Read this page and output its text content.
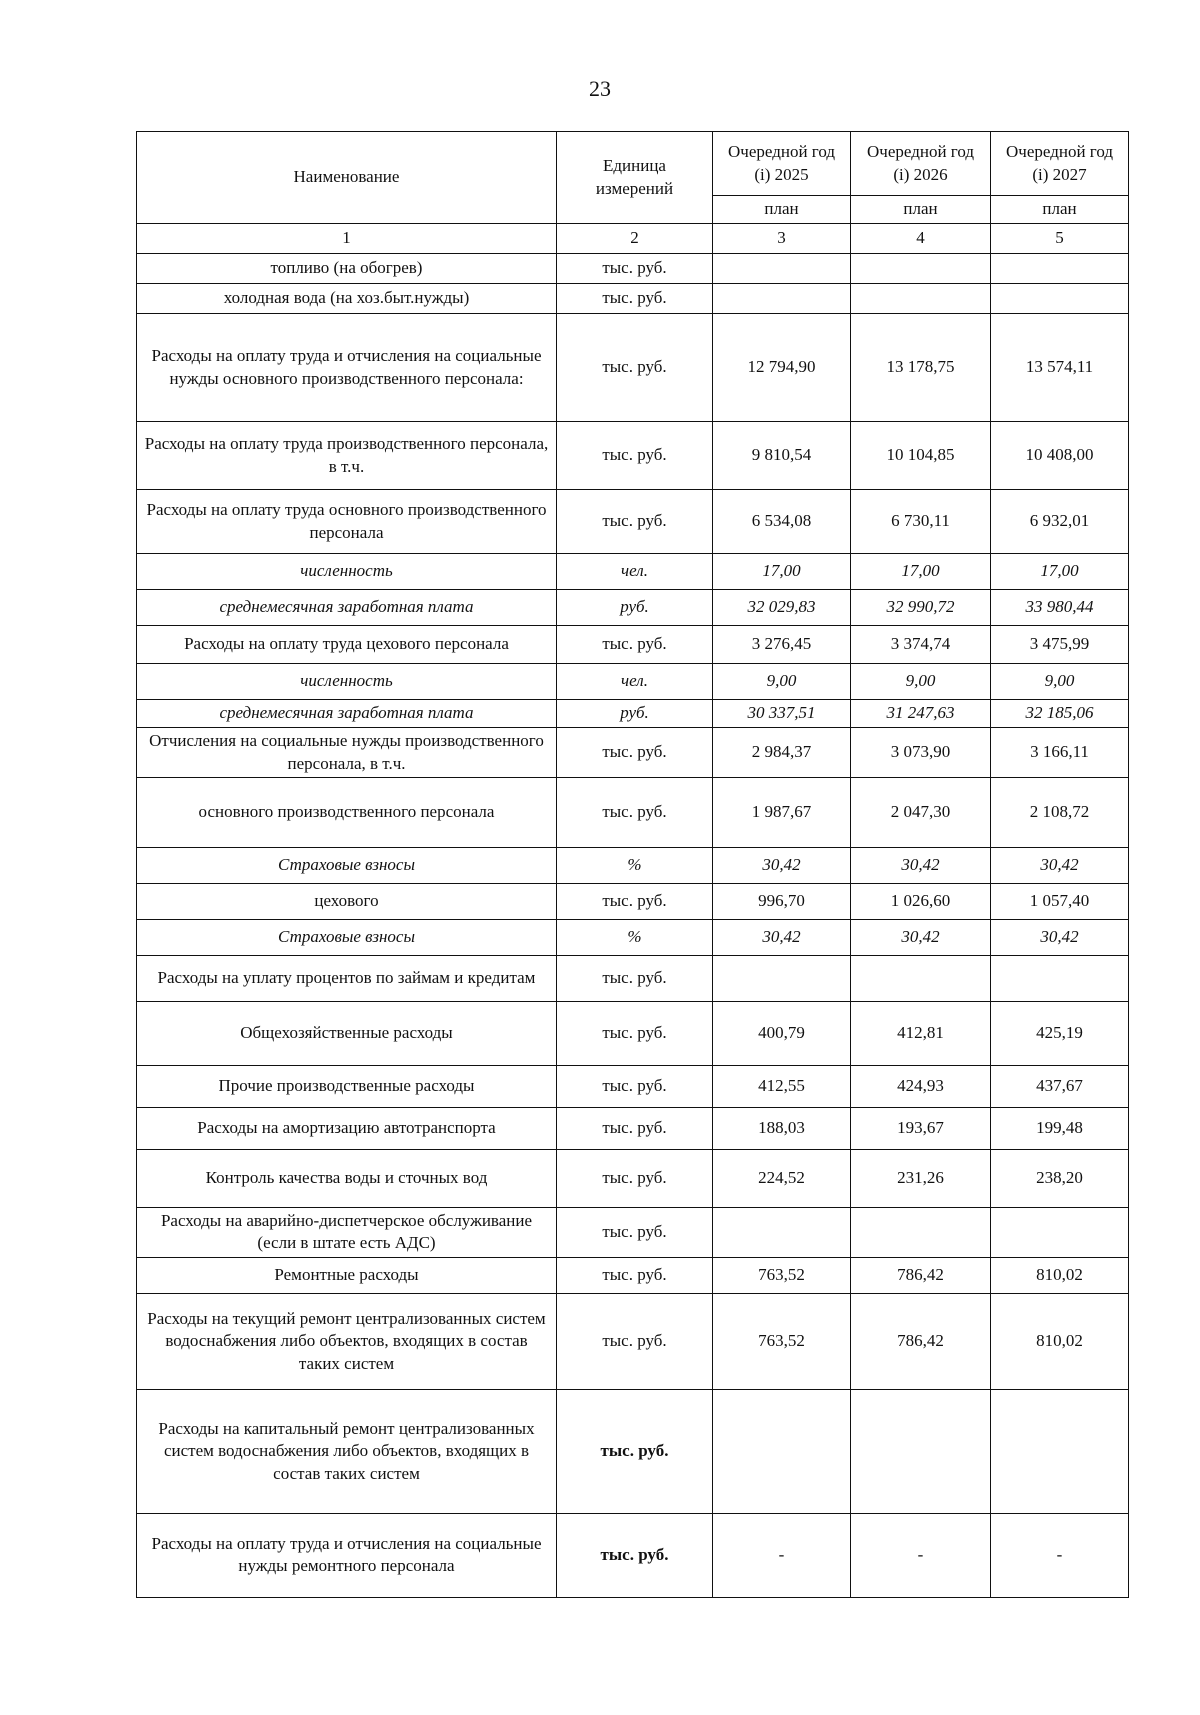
23
Наименование	Единица измерений	Очередной год (i) 2025	Очередной год (i) 2026	Очередной год (i) 2027
		план	план	план
1	2	3	4	5
топливо (на обогрев)	тыс. руб.			
холодная вода (на хоз.быт.нужды)	тыс. руб.			
Расходы на оплату труда и отчисления на социальные нужды основного производственного персонала:	тыс. руб.	12 794,90	13 178,75	13 574,11
Расходы на оплату труда производственного персонала, в т.ч.	тыс. руб.	9 810,54	10 104,85	10 408,00
Расходы на оплату труда основного производственного персонала	тыс. руб.	6 534,08	6 730,11	6 932,01
численность	чел.	17,00	17,00	17,00
среднемесячная заработная плата	руб.	32 029,83	32 990,72	33 980,44
Расходы на оплату труда цехового персонала	тыс. руб.	3 276,45	3 374,74	3 475,99
численность	чел.	9,00	9,00	9,00
среднемесячная заработная плата	руб.	30 337,51	31 247,63	32 185,06
Отчисления на социальные нужды производственного персонала, в т.ч.	тыс. руб.	2 984,37	3 073,90	3 166,11
основного производственного персонала	тыс. руб.	1 987,67	2 047,30	2 108,72
Страховые взносы	%	30,42	30,42	30,42
цехового	тыс. руб.	996,70	1 026,60	1 057,40
Страховые взносы	%	30,42	30,42	30,42
Расходы на уплату процентов по займам и кредитам	тыс. руб.			
Общехозяйственные расходы	тыс. руб.	400,79	412,81	425,19
Прочие производственные расходы	тыс. руб.	412,55	424,93	437,67
Расходы на амортизацию автотранспорта	тыс. руб.	188,03	193,67	199,48
Контроль качества воды и сточных вод	тыс. руб.	224,52	231,26	238,20
Расходы на аварийно-диспетчерское обслуживание (если в штате есть АДС)	тыс. руб.			
Ремонтные расходы	тыс. руб.	763,52	786,42	810,02
Расходы на текущий ремонт централизованных систем водоснабжения либо объектов, входящих в состав таких систем	тыс. руб.	763,52	786,42	810,02
Расходы на капитальный ремонт централизованных систем водоснабжения либо объектов, входящих в состав таких систем	тыс. руб.			
Расходы на оплату труда и отчисления на социальные нужды ремонтного персонала	тыс. руб.	-	-	-
